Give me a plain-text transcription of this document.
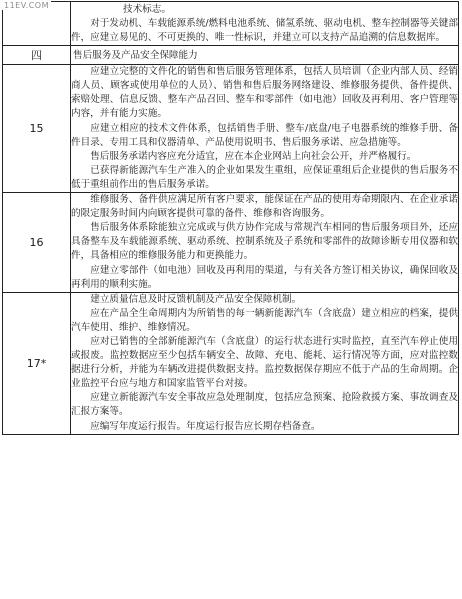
11EV.COM

	技术标志。

对于发动机、车载能源系统/燃料电池系统、储氢系统、驱动电机、整车控制器等关键部件，应建立易见的、不可更换的、唯一性标识，并建立可以支持产品追溯的信息数据库。

四	售后服务及产品安全保障能力

15	应建立完整的文件化的销售和售后服务管理体系，包括人员培训（企业内部人员、经销商人员、顾客或使用单位的人员）、销售和售后服务网络建设、维修服务提供、备件提供、索赔处理、信息反馈、整车产品召回、整车和零部件（如电池）回收及再利用、客户管理等内容，并有能力实施。

应建立相应的技术文件体系，包括销售手册、整车/底盘/电子电器系统的维修手册、备件目录、专用工具和仪器清单、产品使用说明书、售后服务承诺、应急措施等。

售后服务承诺内容应充分适宜，应在本企业网站上向社会公开，并严格履行。

已获得新能源汽车生产准入的企业如果发生重组，应保证重组后企业提供的售后服务不低于重组前作出的售后服务承诺。

16	维修服务、备件供应满足所有客户要求，能保证在产品的使用寿命期限内、在企业承诺的限定服务时间内向顾客提供可靠的备件、维修和咨询服务。

售后服务体系除能独立完成或与供方协作完成与常规汽车相同的售后服务项目外，还应具备整车及车载能源系统、驱动系统、控制系统及子系统和零部件的故障诊断专用仪器和软件，具备相应的维修服务能力和更换能力。

应建立零部件（如电池）回收及再利用的渠道，与有关各方签订相关协议，确保回收及再利用的顺利实施。

17*	建立质量信息及时反馈机制及产品安全保障机制。

应在产品全生命周期内为所销售的每一辆新能源汽车（含底盘）建立相应的档案，提供汽车使用、维护、维修情况。

应对已销售的全部新能源汽车（含底盘）的运行状态进行实时监控，直至汽车停止使用或报废。监控数据应至少包括车辆安全、故障、充电、能耗、运行情况等方面，应对监控数据进行分析，并能为车辆改进提供数据支持。监控数据保存期应不低于产品的生命周期。企业监控平台应与地方和国家监管平台对接。

应建立新能源汽车安全事故应急处理制度，包括应急预案、抢险救援方案、事故调查及汇报方案等。

应编写年度运行报告。年度运行报告应长期存档备查。
